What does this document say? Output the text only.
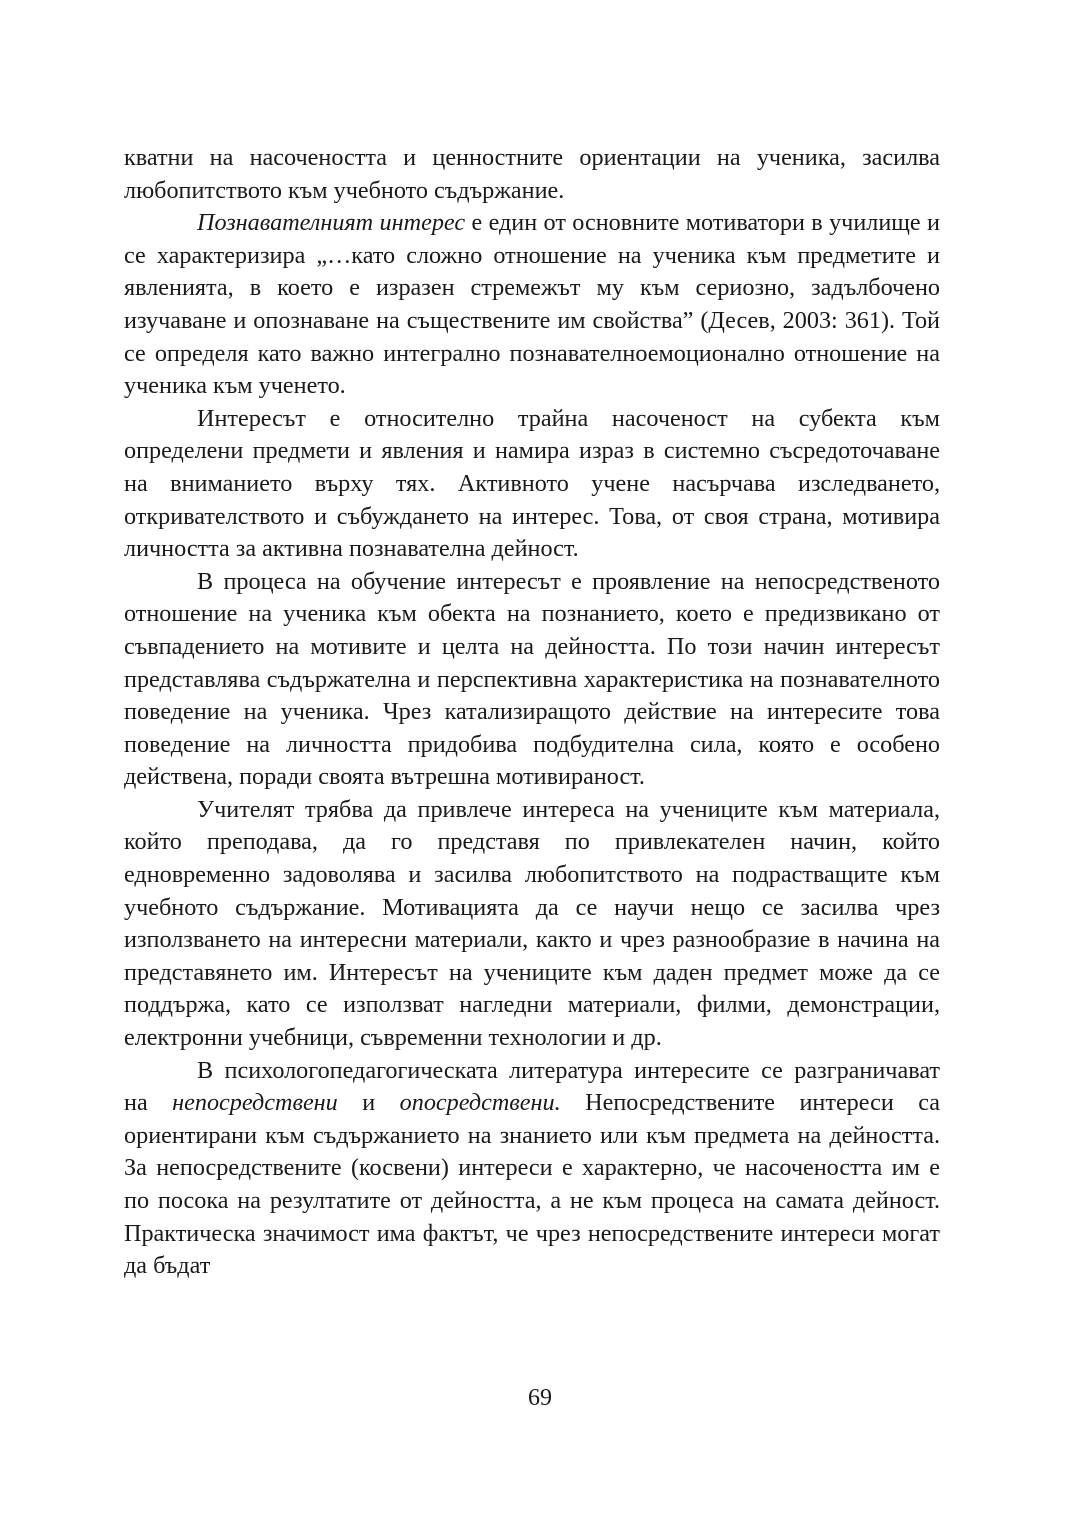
кватни на насочеността и ценностните ориентации на ученика, засилва любопитството към учебното съдържание.

Познавателният интерес е един от основните мотиватори в училище и се характеризира „…като сложно отношение на ученика към предметите и явленията, в което е изразен стремежът му към сериозно, задълбочено изучаване и опознаване на съществените им свойства” (Десев, 2003: 361). Той се определя като важно интегрално познавателноемоционално отношение на ученика към ученето.

Интересът е относително трайна насоченост на субекта към определени предмети и явления и намира израз в системно съсредоточаване на вниманието върху тях. Активното учене насърчава изследването, откривателството и събуждането на интерес. Това, от своя страна, мотивира личността за активна познавателна дейност.

В процеса на обучение интересът е проявление на непосредственото отношение на ученика към обекта на познанието, което е предизвикано от съвпадението на мотивите и целта на дейността. По този начин интересът представлява съдържателна и перспективна характеристика на познавателното поведение на ученика. Чрез катализиращото действие на интересите това поведение на личността придобива подбудителна сила, която е особено действена, поради своята вътрешна мотивираност.

Учителят трябва да привлече интереса на учениците към материала, който преподава, да го представя по привлекателен начин, който едновременно задоволява и засилва любопитството на подрастващите към учебното съдържание. Мотивацията да се научи нещо се засилва чрез използването на интересни материали, както и чрез разнообразие в начина на представянето им. Интересът на учениците към даден предмет може да се поддържа, като се използват нагледни материали, филми, демонстрации, електронни учебници, съвременни технологии и др.

В психологопедагогическата литература интересите се разграничават на непосредствени и опосредствени. Непосредствените интереси са ориентирани към съдържанието на знанието или към предмета на дейността. За непосредствените (косвени) интереси е характерно, че насочеността им е по посока на резултатите от дейността, а не към процеса на самата дейност. Практическа значимост има фактът, че чрез непосредствените интереси могат да бъдат

69
